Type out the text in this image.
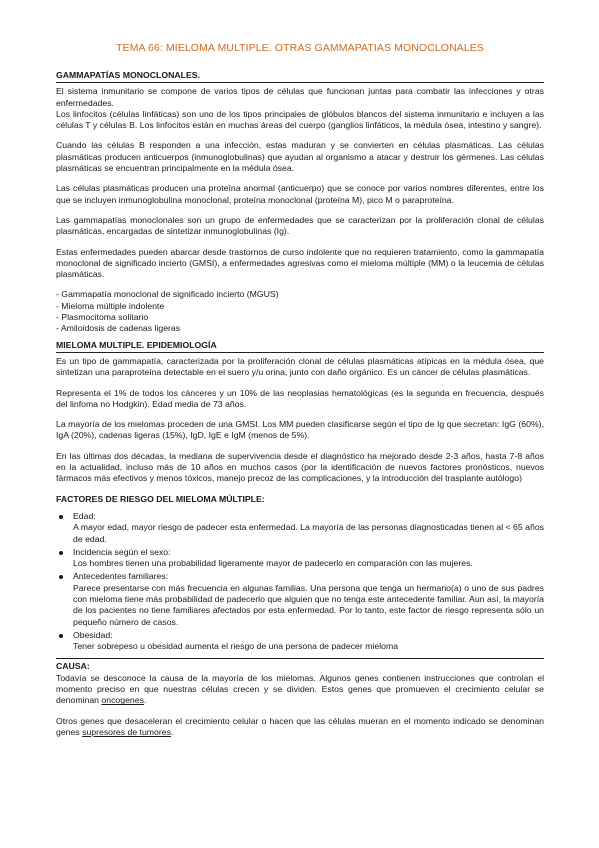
TEMA 66: MIELOMA MULTIPLE. OTRAS GAMMAPATIAS MONOCLONALES
GAMMAPATÍAS MONOCLONALES.

El sistema inmunitario se compone de varios tipos de células que funcionan juntas para combatir las infecciones y otras enfermedades.

Los linfocitos (células linfáticas) son uno de los tipos principales de glóbulos blancos del sistema inmunitario e incluyen a las células T y células B. Los linfocitos están en muchas áreas del cuerpo (ganglios linfáticos, la médula ósea, intestino y sangre).

Cuando las células B responden a una infección, estas maduran y se convierten en células plasmáticas. Las células plasmáticas producen anticuerpos (inmunoglobulinas) que ayudan al organismo a atacar y destruir los gérmenes. Las células plasmáticas se encuentran principalmente en la médula ósea.

Las células plasmáticas producen una proteína anormal (anticuerpo) que se conoce por varios nombres diferentes, entre los que se incluyen inmunoglobulina monoclonal, proteína monoclonal (proteína M), pico M o paraproteína.

Las gammapatías monoclonales son un grupo de enfermedades que se caracterizan por la proliferación clonal de células plasmáticas, encargadas de sintetizar inmunoglobulinas (Ig).

Estas enfermedades pueden abarcar desde trastornos de curso indolente que no requieren tratamiento, como la gammapatía monoclonal de significado incierto (GMSI), a enfermedades agresivas como el mieloma múltiple (MM) o la leucemia de células plasmáticas.

- Gammapatía monoclonal de significado incierto (MGUS)
- Mieloma múltiple indolente
- Plasmocitoma solitario
- Amiloidosis de cadenas ligeras
MIELOMA MULTIPLE. EPIDEMIOLOGÍA

Es un tipo de gammapatía, caracterizada por la proliferación clonal de células plasmáticas atípicas en la médula ósea, que sintetizan una paraproteína detectable en el suero y/u orina, junto con daño orgánico. Es un cáncer de células plasmáticas.

Representa el 1% de todos los cánceres y un 10% de las neoplasias hematológicas (es la segunda en frecuencia, después del linfoma no Hodgkin). Edad media de 73 años.

La mayoría de los mielomas proceden de una GMSI. Los MM pueden clasificarse según el tipo de Ig que secretan: IgG (60%), IgA (20%), cadenas ligeras (15%), IgD, IgE e IgM (menos de 5%).

En las últimas dos décadas, la mediana de supervivencia desde el diagnóstico ha mejorado desde 2-3 años, hasta 7-8 años en la actualidad, incluso más de 10 años en muchos casos (por la identificación de nuevos factores pronósticos, nuevos fármacos más efectivos y menos tóxicos, manejo precoz de las complicaciones, y la introducción del trasplante autólogo)

FACTORES DE RIESGO DEL MIELOMA MÚLTIPLE:
Edad:
A mayor edad, mayor riesgo de padecer esta enfermedad. La mayoría de las personas diagnosticadas tienen al < 65 años de edad.
Incidencia según el sexo:
Los hombres tienen una probabilidad ligeramente mayor de padecerlo en comparación con las mujeres.
Antecedentes familiares:
Parece presentarse con más frecuencia en algunas familias. Una persona que tenga un hermano(a) o uno de sus padres con mieloma tiene más probabilidad de padecerlo que alguien que no tenga este antecedente familiar. Aun así, la mayoría de los pacientes no tiene familiares afectados por esta enfermedad. Por lo tanto, este factor de riesgo representa sólo un pequeño número de casos.
Obesidad:
Tener sobrepeso u obesidad aumenta el riesgo de una persona de padecer mieloma
CAUSA:

Todavía se desconoce la causa de la mayoría de los mielomas. Algunos genes contienen instrucciones que controlan el momento preciso en que nuestras células crecen y se dividen. Estos genes que promueven el crecimiento celular se denominan oncogenes.

Otros genes que desaceleran el crecimiento celular o hacen que las células mueran en el momento indicado se denominan genes supresores de tumores.
